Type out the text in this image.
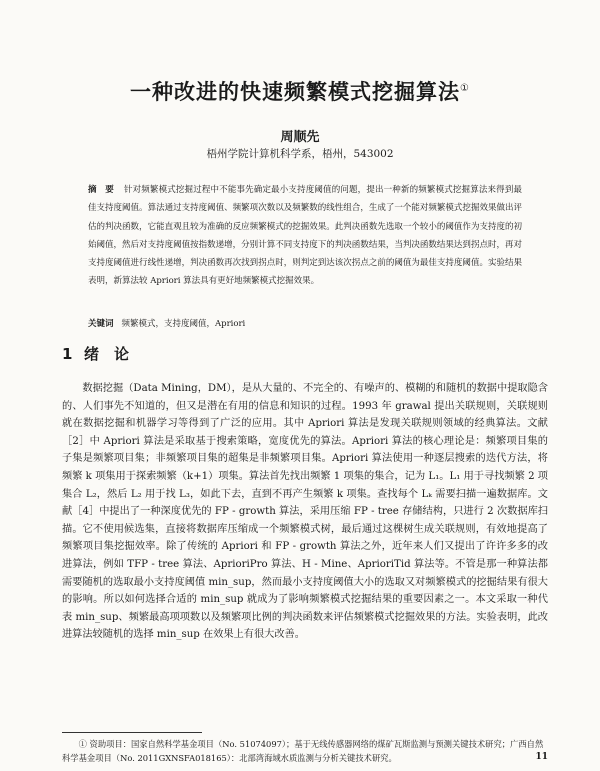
一种改进的快速频繁模式挖掘算法①
周顺先
梧州学院计算机科学系，梧州，543002
摘　要 针对频繁模式挖掘过程中不能事先确定最小支持度阈值的问题，提出一种新的频繁模式挖掘算法来得到最佳支持度阈值。算法通过支持度阈值、频繁项次数以及频繁数的线性组合，生成了一个能对频繁模式挖掘效果做出评估的判决函数，它能直观且较为准确的反应频繁模式的挖掘效果。此判决函数先选取一个较小的阈值作为支持度的初始阈值，然后对支持度阈值按指数递增，分别计算不同支持度下的判决函数结果，当判决函数结果达到拐点时，再对支持度阈值进行线性递增，判决函数再次找到拐点时，则判定到达该次拐点之前的阈值为最佳支持度阈值。实验结果表明，新算法较 Apriori 算法具有更好地频繁模式挖掘效果。
关键词 频繁模式，支持度阈值，Apriori
1 绪　论

数据挖掘（Data Mining，DM），是从大量的、不完全的、有噪声的、模糊的和随机的数据中提取隐含的、人们事先不知道的，但又是潜在有用的信息和知识的过程。1993 年 grawal 提出关联规则，关联规则就在数据挖掘和机器学习等得到了广泛的应用。其中 Apriori 算法是发现关联规则领域的经典算法。文献［2］中 Apriori 算法是采取基于搜索策略，宽度优先的算法。Apriori 算法的核心理论是：频繁项目集的子集是频繁项目集；非频繁项目集的超集是非频繁项目集。Apriori 算法使用一种逐层搜索的迭代方法，将频繁 k 项集用于探索频繁（k+1）项集。算法首先找出频繁 1 项集的集合，记为 L₁。L₁ 用于寻找频繁 2 项集合 L₂，然后 L₂ 用于找 L₃，如此下去，直到不再产生频繁 k 项集。查找每个 Lₖ 需要扫描一遍数据库。文献［4］中提出了一种深度优先的 FP - growth 算法，采用压缩 FP - tree 存储结构，只进行 2 次数据库扫描。它不使用候选集，直接将数据库压缩成一个频繁模式树，最后通过这棵树生成关联规则，有效地提高了频繁项目集挖掘效率。除了传统的 Apriori 和 FP - growth 算法之外，近年来人们又提出了许许多多的改进算法，例如 TFP - tree 算法、AprioriPro 算法、H - Mine、AprioriTid 算法等。不管是那一种算法都需要随机的选取最小支持度阈值 min_sup，然而最小支持度阈值大小的选取又对频繁模式的挖掘结果有很大的影响。所以如何选择合适的 min_sup 就成为了影响频繁模式挖掘结果的重要因素之一。本文采取一种代表 min_sup、频繁最高项项数以及频繁项比例的判决函数来评估频繁模式挖掘效果的方法。实验表明，此改进算法较随机的选择 min_sup 在效果上有很大改善。

① 资助项目：国家自然科学基金项目（No. 51074097）；基于无线传感器网络的煤矿瓦斯监测与预测关键技术研究；广西自然科学基金项目（No. 2011GXNSFA018165）：北部湾海域水质监测与分析关键技术研究。	11
